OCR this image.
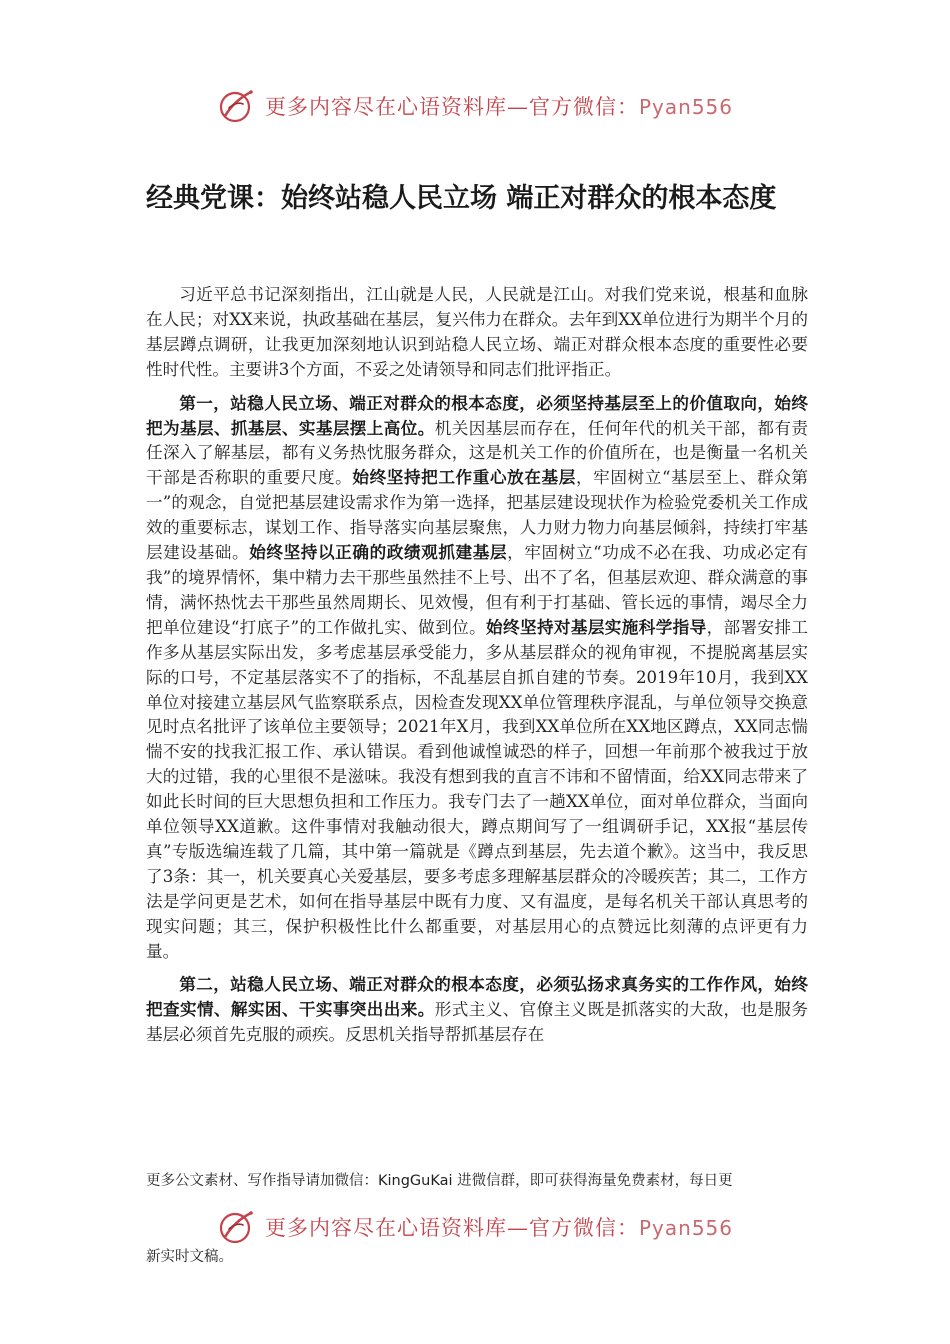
更多内容尽在心语资料库—官方微信：Pyan556
经典党课：始终站稳人民立场 端正对群众的根本态度

习近平总书记深刻指出，江山就是人民，人民就是江山。对我们党来说，根基和血脉在人民；对XX来说，执政基础在基层，复兴伟力在群众。去年到XX单位进行为期半个月的基层蹲点调研，让我更加深刻地认识到站稳人民立场、端正对群众根本态度的重要性必要性时代性。主要讲3个方面，不妥之处请领导和同志们批评指正。

第一，站稳人民立场、端正对群众的根本态度，必须坚持基层至上的价值取向，始终把为基层、抓基层、实基层摆上高位。机关因基层而存在，任何年代的机关干部，都有责任深入了解基层，都有义务热忱服务群众，这是机关工作的价值所在，也是衡量一名机关干部是否称职的重要尺度。始终坚持把工作重心放在基层，牢固树立“基层至上、群众第一”的观念，自觉把基层建设需求作为第一选择，把基层建设现状作为检验党委机关工作成效的重要标志，谋划工作、指导落实向基层聚焦，人力财力物力向基层倾斜，持续打牢基层建设基础。始终坚持以正确的政绩观抓建基层，牢固树立“功成不必在我、功成必定有我”的境界情怀，集中精力去干那些虽然挂不上号、出不了名，但基层欢迎、群众满意的事情，满怀热忱去干那些虽然周期长、见效慢，但有利于打基础、管长远的事情，竭尽全力把单位建设“打底子”的工作做扎实、做到位。始终坚持对基层实施科学指导，部署安排工作多从基层实际出发，多考虑基层承受能力，多从基层群众的视角审视，不提脱离基层实际的口号，不定基层落实不了的指标，不乱基层自抓自建的节奏。2019年10月，我到XX单位对接建立基层风气监察联系点，因检查发现XX单位管理秩序混乱，与单位领导交换意见时点名批评了该单位主要领导；2021年X月，我到XX单位所在XX地区蹲点，XX同志惴惴不安的找我汇报工作、承认错误。看到他诚惶诚恐的样子，回想一年前那个被我过于放大的过错，我的心里很不是滋味。我没有想到我的直言不讳和不留情面，给XX同志带来了如此长时间的巨大思想负担和工作压力。我专门去了一趟XX单位，面对单位群众，当面向单位领导XX道歉。这件事情对我触动很大，蹲点期间写了一组调研手记，XX报“基层传真”专版选编连载了几篇，其中第一篇就是《蹲点到基层，先去道个歉》。这当中，我反思了3条：其一，机关要真心关爱基层，要多考虑多理解基层群众的冷暖疾苦；其二，工作方法是学问更是艺术，如何在指导基层中既有力度、又有温度，是每名机关干部认真思考的现实问题；其三，保护积极性比什么都重要，对基层用心的点赞远比刻薄的点评更有力量。

第二，站稳人民立场、端正对群众的根本态度，必须弘扬求真务实的工作作风，始终把查实情、解实困、干实事突出出来。形式主义、官僚主义既是抓落实的大敌，也是服务基层必须首先克服的顽疾。反思机关指导帮抓基层存在

更多公文素材、写作指导请加微信：KingGuKai 进微信群，即可获得海量免费素材，每日更

更多内容尽在心语资料库—官方微信：Pyan556

新实时文稿。
